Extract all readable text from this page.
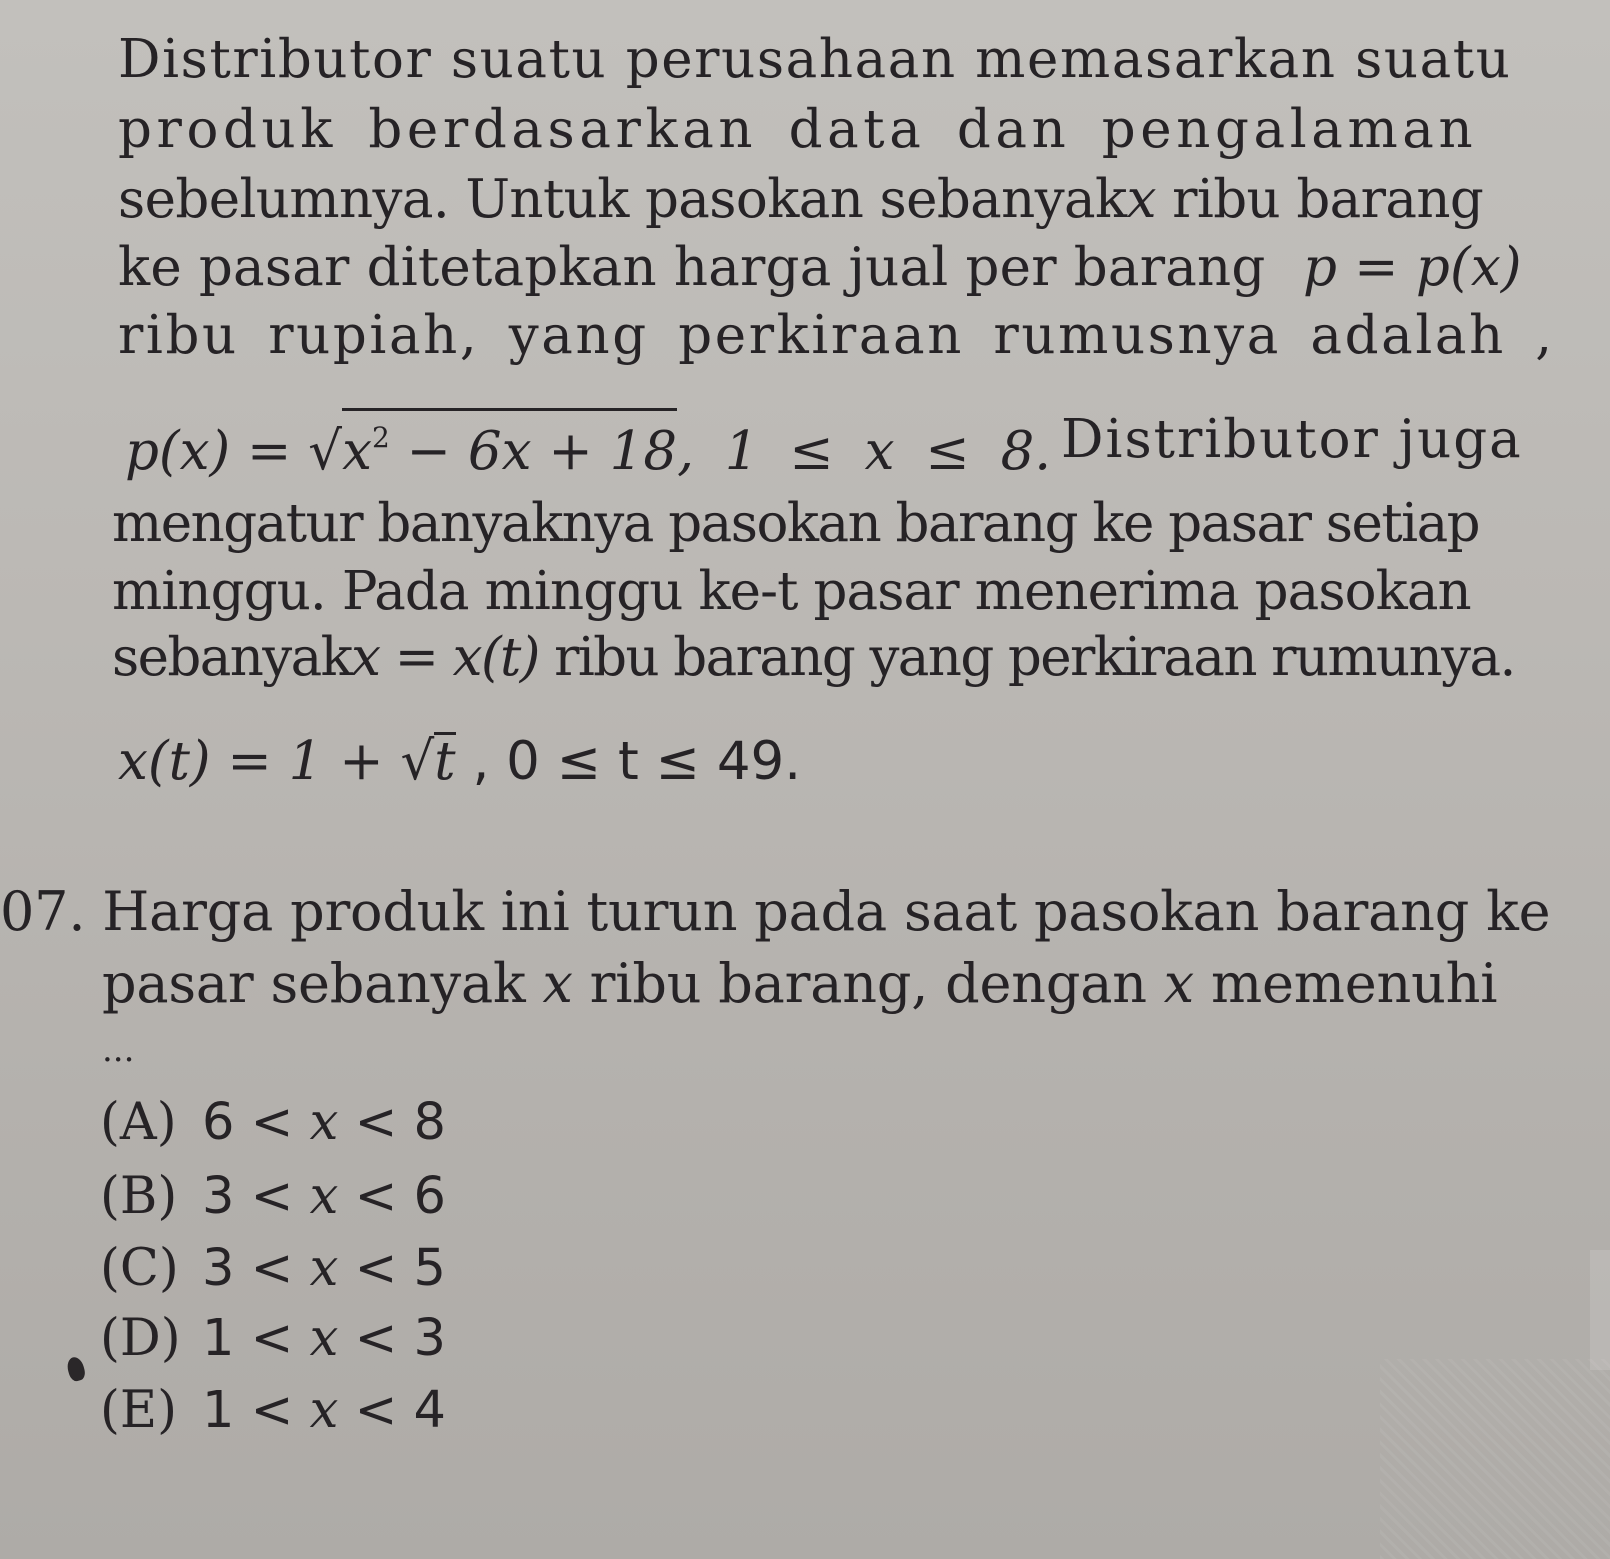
Distributor suatu perusahaan memasarkan suatu
produk berdasarkan data dan pengalaman
sebelumnya. Untuk pasokan sebanyakx ribu barang
ke pasar ditetapkan harga jual per barang p = p(x)
ribu rupiah, yang perkiraan rumusnya adalah ,
$p(x) = √x^2 - 6x + 18$, 1 ≤ x ≤ 8. Distributor juga
mengatur banyaknya pasokan barang ke pasar setiap
minggu. Pada minggu ke-t pasar menerima pasokan
sebanyakx = x(t) ribu barang yang perkiraan rumunya.
x(t) = 1 + √t , 0 ≤ t ≤ 49.
07. Harga produk ini turun pada saat pasokan barang ke
pasar sebanyak x ribu barang, dengan x memenuhi
...
(A) 6 < x < 8
(B) 3 < x < 6
(C) 3 < x < 5
(D) 1 < x < 3
(E) 1 < x < 4
